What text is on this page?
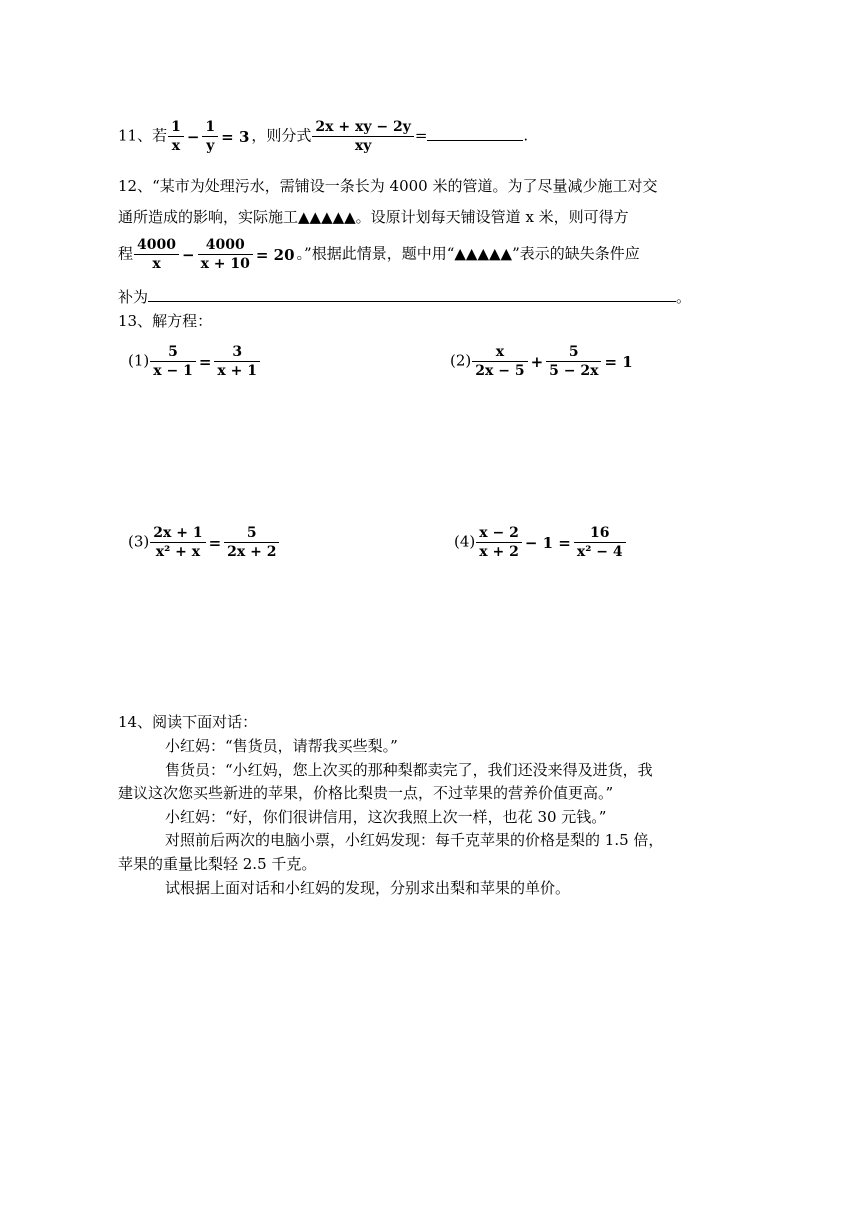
11、若 $\frac{1}{x} - \frac{1}{y} = 3$ ，则分式 $\frac{2x + xy - 2y}{xy}$ =	.
12、“某市为处理污水，需铺设一条长为 4000 米的管道。为了尽量减少施工对交
通所造成的影响，实际施工▲▲▲▲▲。设原计划每天铺设管道 x 米，则可得方
程 $\frac{4000}{x} - \frac{4000}{x + 10} = 20$ 。”根据此情景，题中用“▲▲▲▲▲”表示的缺失条件应
补为	。
13、解方程：
$(1) \frac{5}{x - 1} = \frac{3}{x + 1}$	$(2) \frac{x}{2x - 5} + \frac{5}{5 - 2x} = 1$
$(3) \frac{2x + 1}{\text{x² + x}} = \frac{5}{2x + 2}$	$(4) \frac{x - 2}{x + 2} - 1 = \frac{16}{\text{x² − 4}}$
14、阅读下面对话：
小红妈：“售货员，请帮我买些梨。”
售货员：“小红妈，您上次买的那种梨都卖完了，我们还没来得及进货，我
建议这次您买些新进的苹果，价格比梨贵一点，不过苹果的营养价值更高。”
小红妈：“好，你们很讲信用，这次我照上次一样，也花 30 元钱。”
对照前后两次的电脑小票，小红妈发现：每千克苹果的价格是梨的 1.5 倍，
苹果的重量比梨轻 2.5 千克。
试根据上面对话和小红妈的发现，分别求出梨和苹果的单价。
